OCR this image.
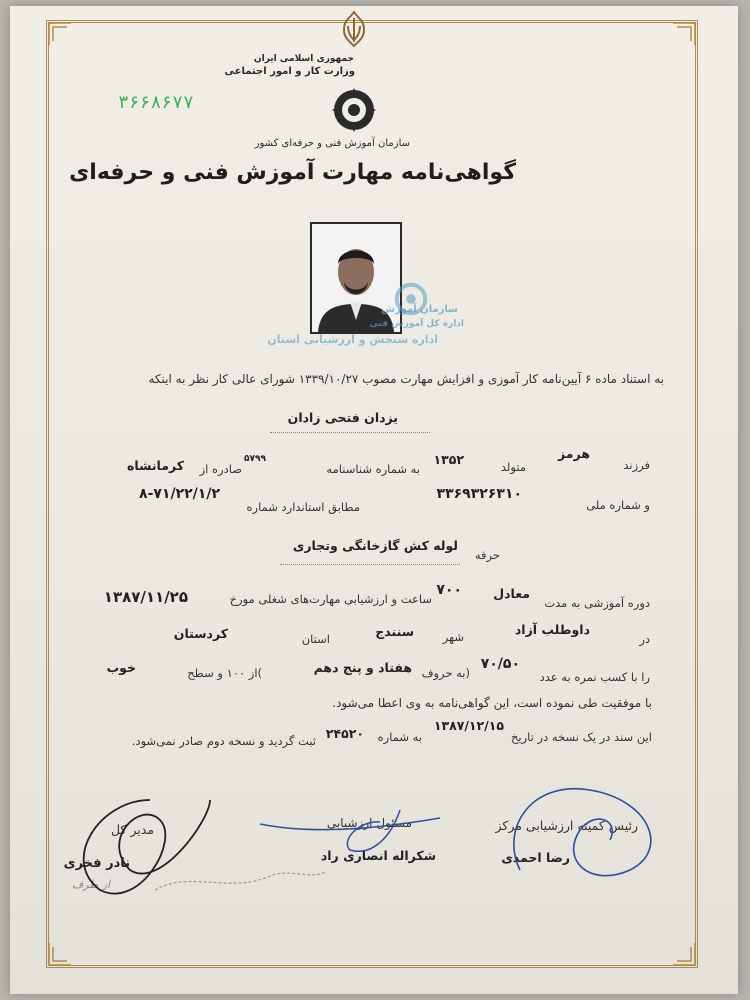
جمهوری اسلامی ایران
وزارت کار و امور اجتماعی
۳۶۶۸۶۷۷
سازمان آموزش فنی و حرفه‌ای کشور
گواهی‌نامه مهارت آموزش فنی و حرفه‌ای
سازمان آموزش
اداره کل آموزش فنی
اداره سنجش و ارزشیابی استان
به استناد ماده ۶ آیین‌نامه کار آموزی و افزایش مهارت مصوب ۱۳۳۹/۱۰/۲۷ شورای عالی کار نظر به اینکه
یزدان فتحی زادان
فرزند
هرمز
متولد
۱۳۵۲
به شماره شناسنامه
۵۷۹۹
صادره از
کرمانشاه
و شماره ملی
۳۳۶۹۳۲۶۳۱۰
مطابق استاندارد شماره
۸-۷۱/۲۲/۱/۲
حرفه
لوله کش گازخانگی وتجاری
دوره آموزشی به مدت
معادل
۷۰۰
ساعت و ارزشیابی مهارت‌های شغلی مورخ
۱۳۸۷/۱۱/۲۵
در
داوطلب آزاد
شهر
سنندج
استان
کردستان
را با کسب نمره به عدد
۷۰/۵۰
(به حروف
هفتاد و پنج دهم
)از ۱۰۰ و سطح
خوب
با موفقیت طی نموده است، این گواهی‌نامه به وی اعطا می‌شود.
این سند در یک نسخه در تاریخ
۱۳۸۷/۱۲/۱۵
به شماره
۲۴۵۲۰
ثبت گردید و نسخه دوم صادر نمی‌شود.
رئیس کمیته ارزشیابی مرکز
رضا احمدی
مسئول ارزشیابی
شکراله انصاری راد
مدیر کل
نادر فخری
از طرف
